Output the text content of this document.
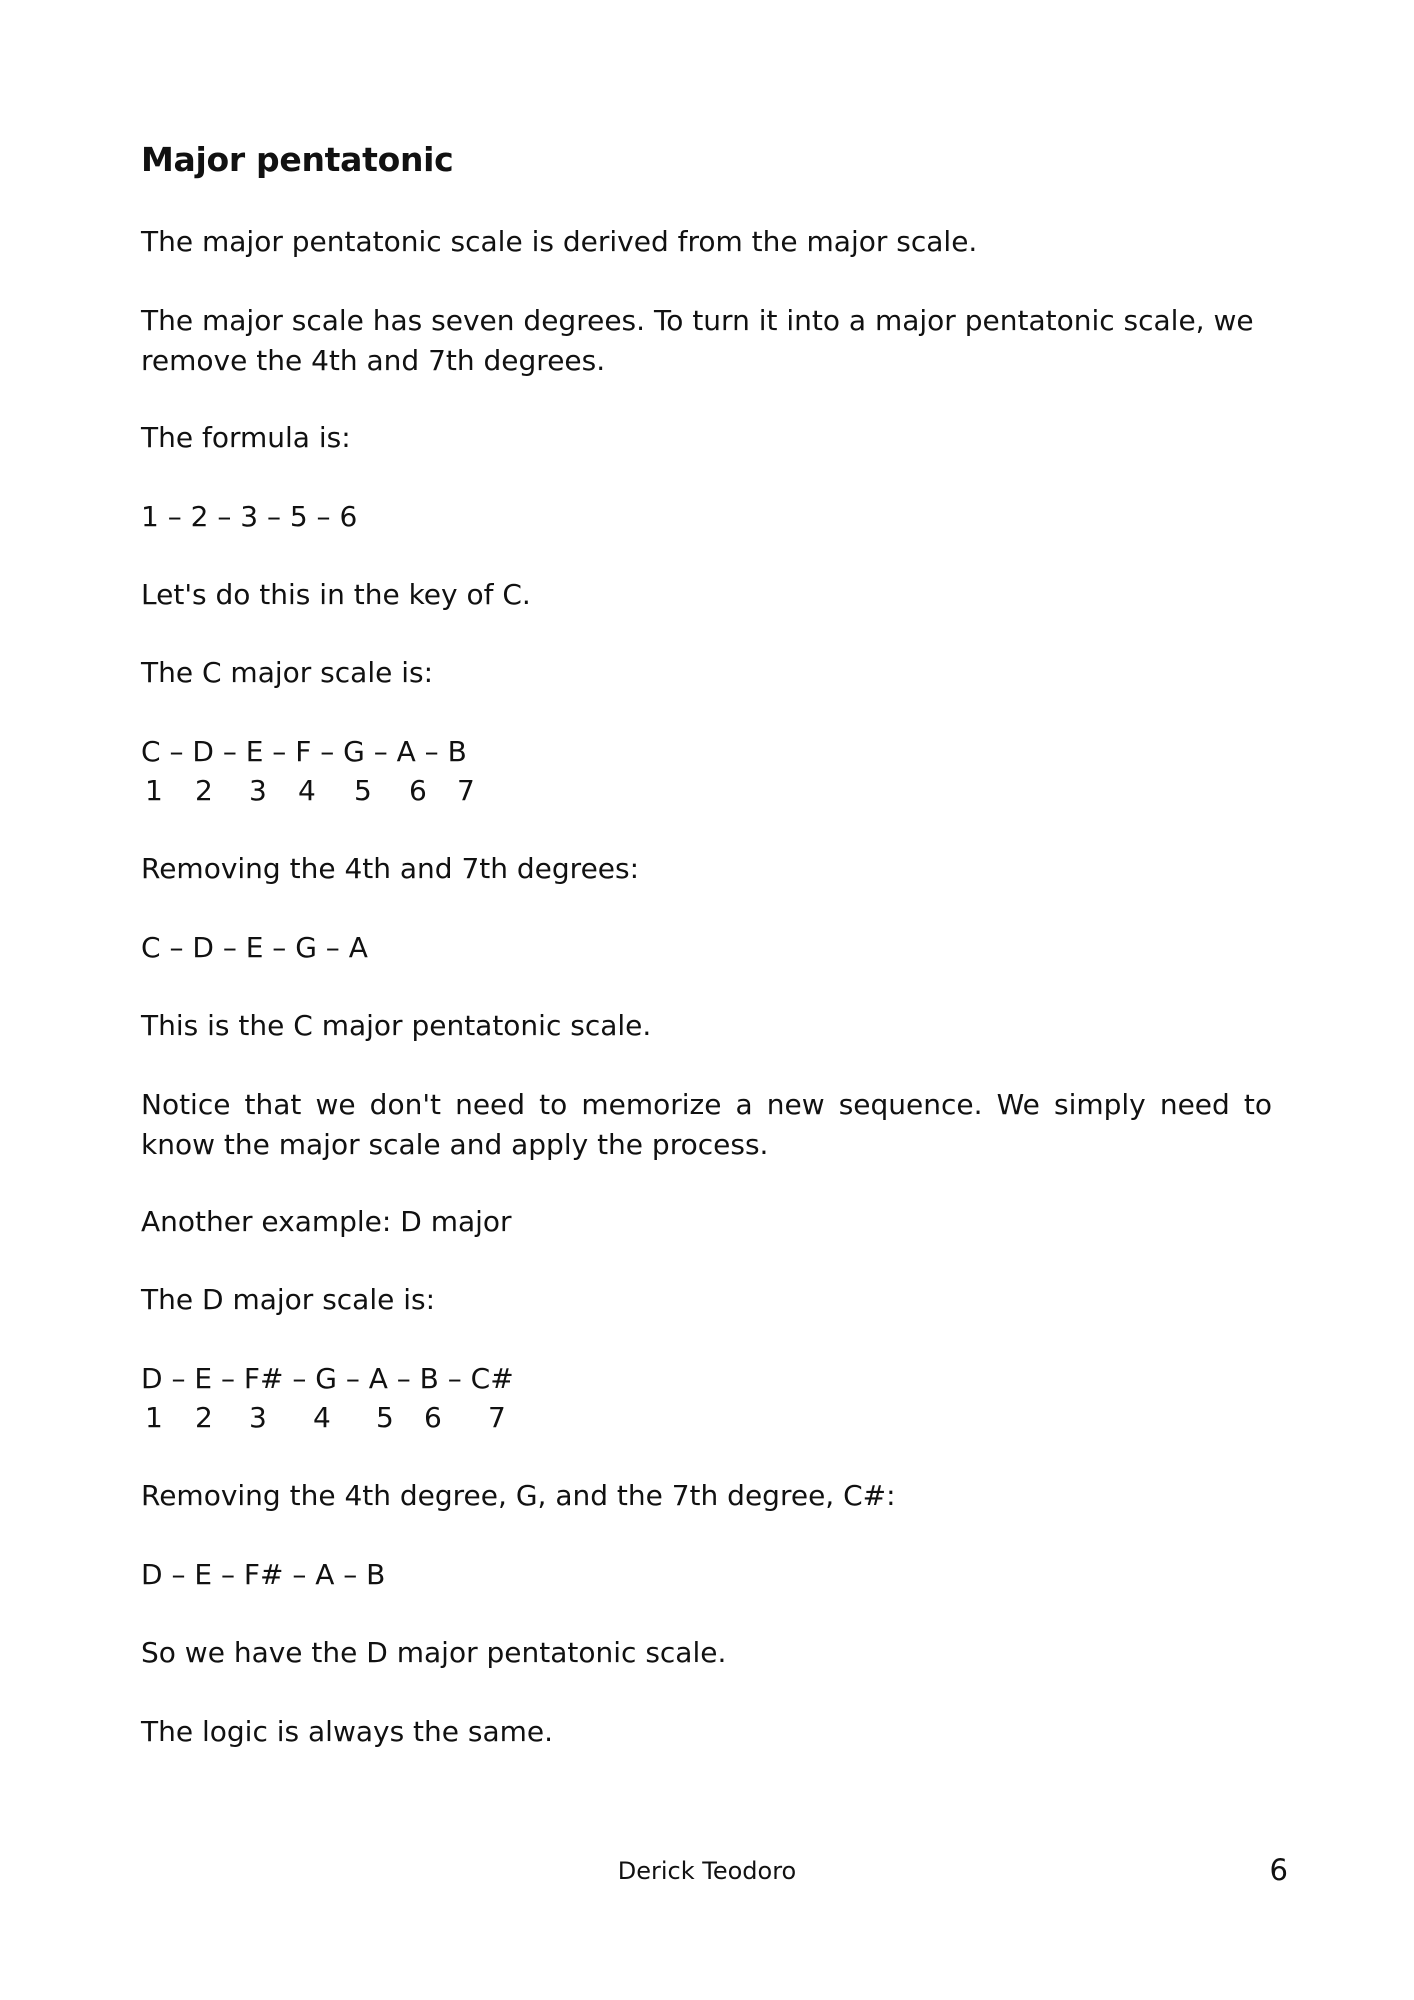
Major pentatonic

The major pentatonic scale is derived from the major scale.

The major scale has seven degrees. To turn it into a major pentatonic scale, we remove the 4th and 7th degrees.

The formula is:

1 – 2 – 3 – 5 – 6

Let's do this in the key of C.

The C major scale is:

C – D – E – F – G – A – B

1 2 3 4 5 6 7

Removing the 4th and 7th degrees:

C – D – E – G – A

This is the C major pentatonic scale.

Notice that we don't need to memorize a new sequence. We simply need to know the major scale and apply the process.

Another example: D major

The D major scale is:

D – E – F# – G – A – B – C#

1 2 3 4 5 6 7

Removing the 4th degree, G, and the 7th degree, C#:

D – E – F# – A – B

So we have the D major pentatonic scale.

The logic is always the same.

Derick Teodoro	6
